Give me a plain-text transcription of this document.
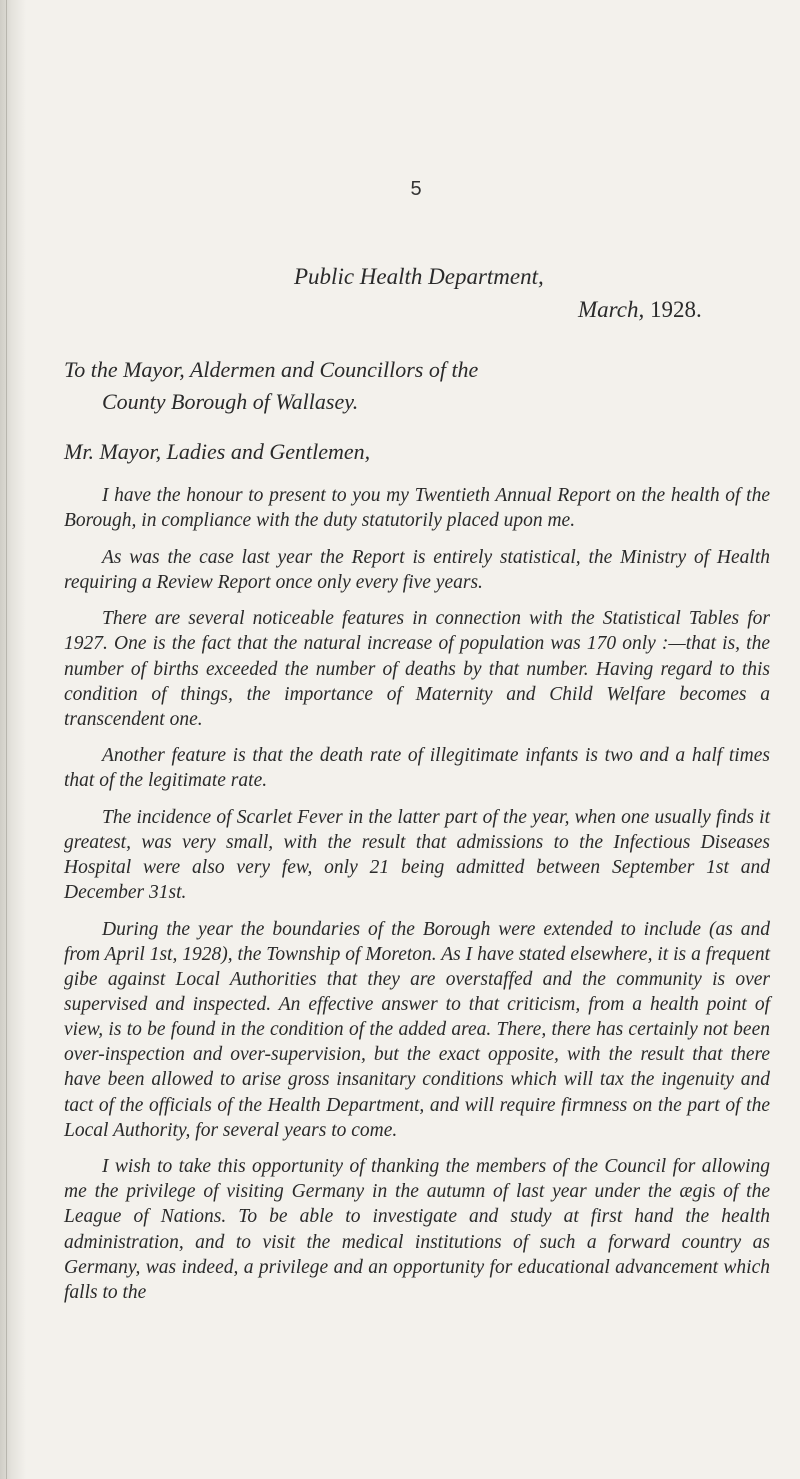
5
Public Health Department,
March, 1928.
To the Mayor, Aldermen and Councillors of the
County Borough of Wallasey.
Mr. Mayor, Ladies and Gentlemen,

I have the honour to present to you my Twentieth Annual Report on the health of the Borough, in compliance with the duty statutorily placed upon me.

As was the case last year the Report is entirely statistical, the Ministry of Health requiring a Review Report once only every five years.

There are several noticeable features in connection with the Statistical Tables for 1927. One is the fact that the natural increase of population was 170 only :—that is, the number of births exceeded the number of deaths by that number. Having regard to this condition of things, the importance of Maternity and Child Welfare becomes a transcendent one.

Another feature is that the death rate of illegitimate infants is two and a half times that of the legitimate rate.

The incidence of Scarlet Fever in the latter part of the year, when one usually finds it greatest, was very small, with the result that admissions to the Infectious Diseases Hospital were also very few, only 21 being admitted between September 1st and December 31st.

During the year the boundaries of the Borough were extended to include (as and from April 1st, 1928), the Township of Moreton. As I have stated elsewhere, it is a frequent gibe against Local Authorities that they are overstaffed and the community is over supervised and inspected. An effective answer to that criticism, from a health point of view, is to be found in the condition of the added area. There, there has certainly not been over-inspection and over-supervision, but the exact opposite, with the result that there have been allowed to arise gross insanitary conditions which will tax the ingenuity and tact of the officials of the Health Department, and will require firmness on the part of the Local Authority, for several years to come.

I wish to take this opportunity of thanking the members of the Council for allowing me the privilege of visiting Germany in the autumn of last year under the ægis of the League of Nations. To be able to investigate and study at first hand the health administration, and to visit the medical institutions of such a forward country as Germany, was indeed, a privilege and an opportunity for educational advancement which falls to the
